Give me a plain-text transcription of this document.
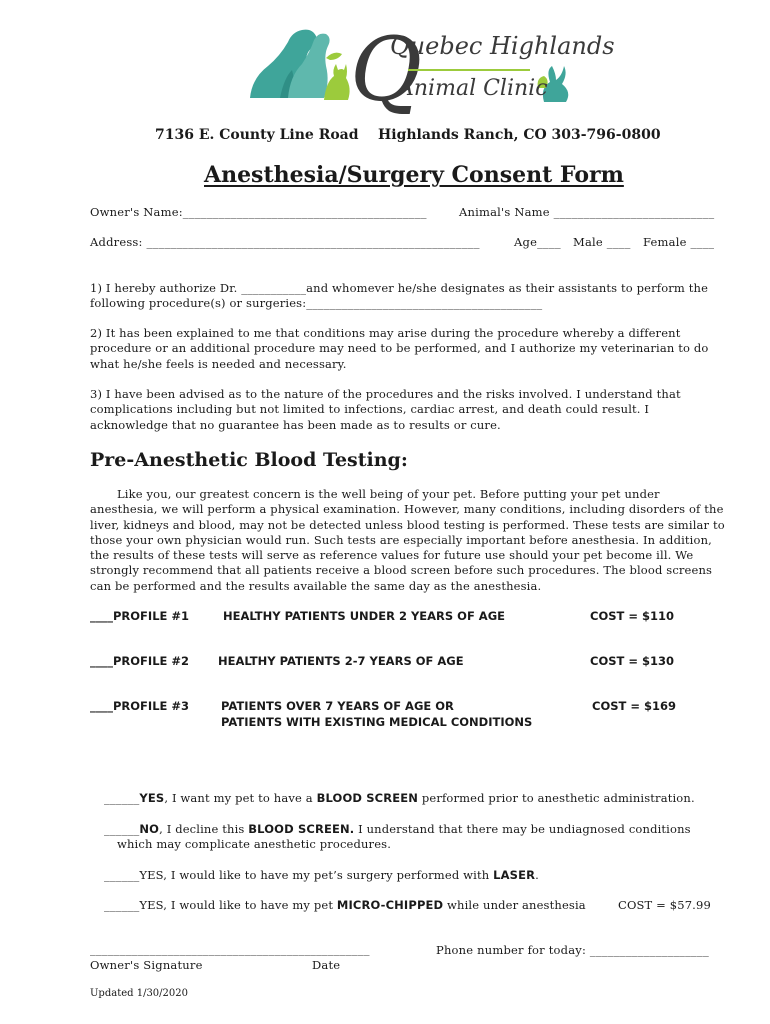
Q
Quebec Highlands
Animal Clinic
7136 E. County Line Road Highlands Ranch, CO 303-796-0800
Anesthesia/Surgery Consent Form
Owner's Name:_________________________________________	Animal's Name ___________________________
Address: ________________________________________________________	Age____ Male ____ Female ____
1) I hereby authorize Dr. ___________and whomever he/she designates as their assistants to perform the following procedure(s) or surgeries:________________________________________
2) It has been explained to me that conditions may arise during the procedure whereby a different procedure or an additional procedure may need to be performed, and I authorize my veterinarian to do what he/she feels is needed and necessary.
3) I have been advised as to the nature of the procedures and the risks involved. I understand that complications including but not limited to infections, cardiac arrest, and death could result. I acknowledge that no guarantee has been made as to results or cure.
Pre-Anesthetic Blood Testing:
Like you, our greatest concern is the well being of your pet. Before putting your pet under anesthesia, we will perform a physical examination. However, many conditions, including disorders of the liver, kidneys and blood, may not be detected unless blood testing is performed. These tests are similar to those your own physician would run. Such tests are especially important before anesthesia. In addition, the results of these tests will serve as reference values for future use should your pet become ill. We strongly recommend that all patients receive a blood screen before such procedures. The blood screens can be performed and the results available the same day as the anesthesia.
____PROFILE #1	HEALTHY PATIENTS UNDER 2 YEARS OF AGE	COST = $110
____PROFILE #2	HEALTHY PATIENTS 2-7 YEARS OF AGE	COST = $130
____PROFILE #3	PATIENTS OVER 7 YEARS OF AGE OR
PATIENTS WITH EXISTING MEDICAL CONDITIONS
COST = $169
______YES, I want my pet to have a BLOOD SCREEN performed prior to anesthetic administration.
______NO, I decline this BLOOD SCREEN. I understand that there may be undiagnosed conditions
which may complicate anesthetic procedures.
______YES, I would like to have my pet’s surgery performed with LASER.
______YES, I would like to have my pet MICRO-CHIPPED while under anesthesia	COST = $57.99
_______________________________________________	Phone number for today: ____________________
Owner's Signature	Date
Updated 1/30/2020
